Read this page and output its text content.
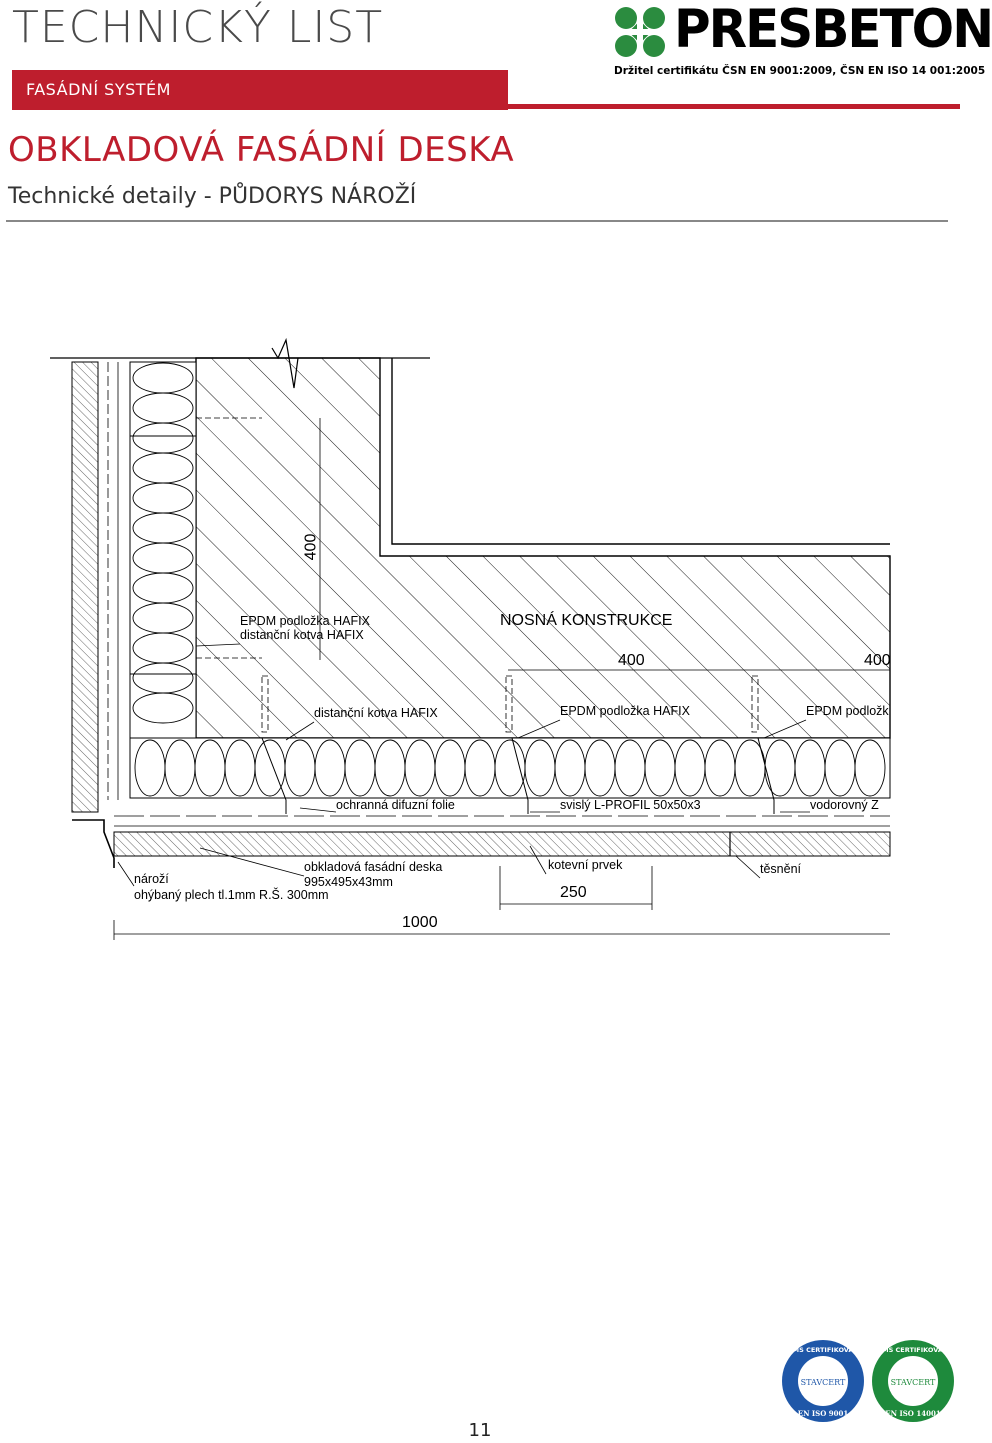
TECHNICKÝ LIST
FASÁDNÍ SYSTÉM
PRESBETON
Držitel certifikátu ČSN EN 9001:2009, ČSN EN ISO 14 001:2005
OBKLADOVÁ FASÁDNÍ DESKA
Technické detaily - PŮDORYS NÁROŽÍ
EPDM podložka HAFIX
distanční kotva HAFIX
NOSNÁ KONSTRUKCE
distanční kotva HAFIX	EPDM podložka HAFIX	EPDM podložk
ochranná difuzní folie	svislý L-PROFIL 50x50x3	vodorovný Z
kotevní prvek	těsnění
obkladová fasádní deska
995x495x43mm
nároží
ohýbaný plech tl.1mm R.Š. 300mm
400
400	400
250
1000
STAVCERT
QMS CERTIFIKOVÁN
EN ISO 9001
STAVCERT
EMS CERTIFIKOVÁN
EN ISO 14001
11
